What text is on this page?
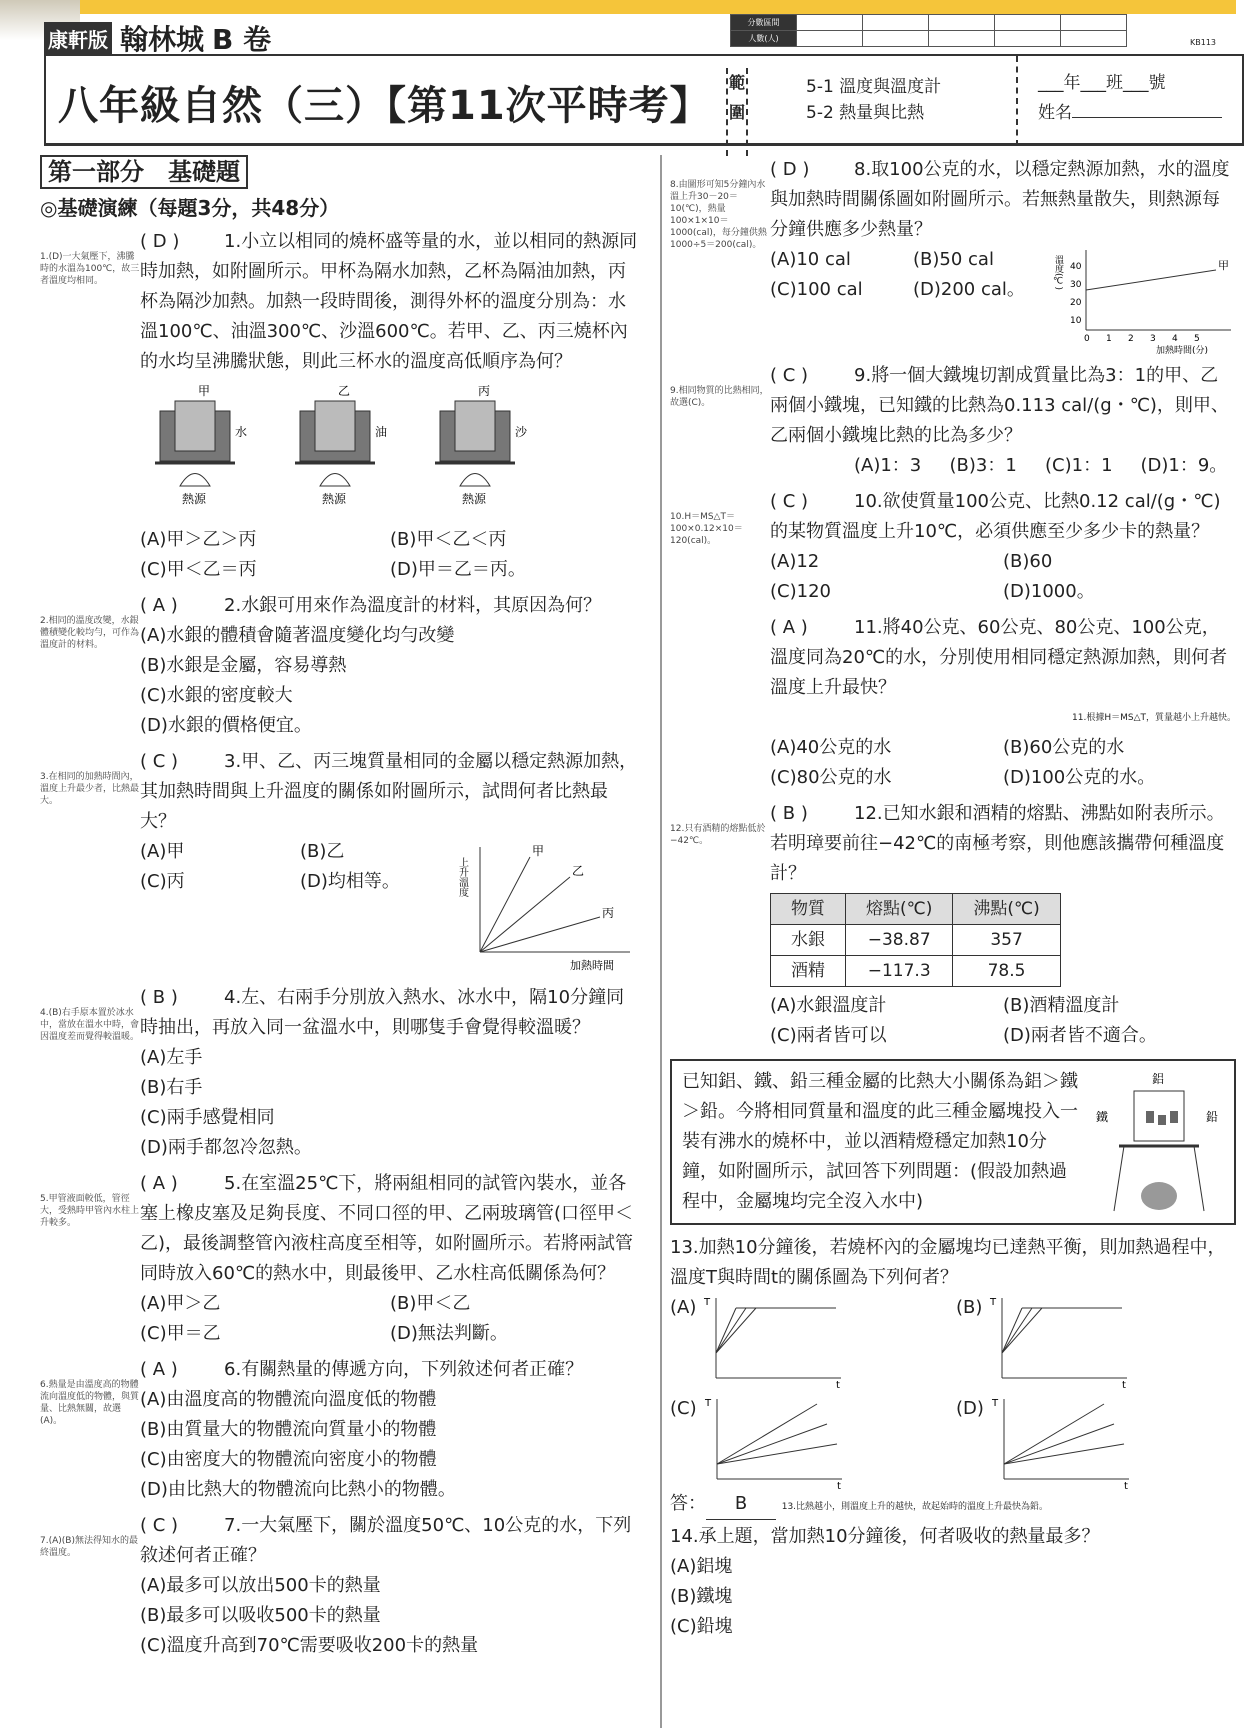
康軒版 翰林城 B 卷
分數區間					
人數(人)						KB113
八年級自然（三）【第11次平時考】
範圍
5-1 溫度與溫度計
5-2 熱量與比熱
___年___班___號
姓名
第一部分　基礎題
◎基礎演練（每題3分，共48分）
1.(D)一大氣壓下，沸騰時的水溫為100℃，故三者溫度均相同。
( D ) 1.小立以相同的燒杯盛等量的水，並以相同的熱源同時加熱，如附圖所示。甲杯為隔水加熱，乙杯為隔油加熱，丙杯為隔沙加熱。加熱一段時間後，測得外杯的溫度分別為：水溫100℃、油溫300℃、沙溫600℃。若甲、乙、丙三燒杯內的水均呈沸騰狀態，則此三杯水的溫度高低順序為何？
甲
水
熱源
乙
油
熱源
丙
沙
熱源
(A)甲＞乙＞丙	(B)甲＜乙＜丙
(C)甲＜乙＝丙	(D)甲＝乙＝丙。
2.相同的溫度改變，水銀體積變化較均勻，可作為溫度計的材料。
( A )	2.水銀可用來作為溫度計的材料，其原因為何？
(A)水銀的體積會隨著溫度變化均勻改變
(B)水銀是金屬，容易導熱
(C)水銀的密度較大
(D)水銀的價格便宜。
3.在相同的加熱時間內，溫度上升最少者，比熱最大。
( C )	3.甲、乙、丙三塊質量相同的金屬以穩定熱源加熱，其加熱時間與上升溫度的關係如附圖所示，試問何者比熱最大？
甲
乙
丙
上升溫度
加熱時間
(A)甲	(B)乙
(C)丙	(D)均相等。
4.(B)右手原本置於冰水中，當放在溫水中時，會因溫度差而覺得較溫暖。
( B )	4.左、右兩手分別放入熱水、冰水中，隔10分鐘同時抽出，再放入同一盆溫水中，則哪隻手會覺得較溫暖？
(A)左手
(B)右手
(C)兩手感覺相同
(D)兩手都忽冷忽熱。
5.甲管液面較低，管徑大，受熱時甲管內水柱上升較多。
( A )	5.在室溫25℃下，將兩組相同的試管內裝水，並各塞上橡皮塞及足夠長度、不同口徑的甲、乙兩玻璃管(口徑甲＜乙)，最後調整管內液柱高度至相等，如附圖所示。若將兩試管同時放入60℃的熱水中，則最後甲、乙水柱高低關係為何？
(A)甲＞乙	(B)甲＜乙
(C)甲＝乙	(D)無法判斷。
6.熱量是由溫度高的物體流向溫度低的物體，與質量、比熱無關，故選(A)。
( A )	6.有關熱量的傳遞方向，下列敘述何者正確？
(A)由溫度高的物體流向溫度低的物體
(B)由質量大的物體流向質量小的物體
(C)由密度大的物體流向密度小的物體
(D)由比熱大的物體流向比熱小的物體。
7.(A)(B)無法得知水的最終溫度。
( C )	7.一大氣壓下，關於溫度50℃、10公克的水，下列敘述何者正確？
(A)最多可以放出500卡的熱量
(B)最多可以吸收500卡的熱量
(C)溫度升高到70℃需要吸收200卡的熱量
8.由圖形可知5分鐘內水溫上升30－20＝10(℃)，熱量100×1×10＝1000(cal)，每分鐘供熱1000÷5＝200(cal)。
( D ) 8.取100公克的水，以穩定熱源加熱，水的溫度與加熱時間關係圖如附圖所示。若無熱量散失，則熱源每分鐘供應多少熱量？
10
20
30
40
0 1 2 3 4 5
甲
溫度(℃)
加熱時間(分)
(A)10 cal	(B)50 cal
(C)100 cal	(D)200 cal。
9.相同物質的比熱相同，故選(C)。
( C )	9.將一個大鐵塊切割成質量比為3：1的甲、乙兩個小鐵塊，已知鐵的比熱為0.113 cal/(g・℃)，則甲、乙兩個小鐵塊比熱的比為多少？
(A)1：3	(B)3：1	(C)1：1	(D)1：9。
10.H＝MS△T＝100×0.12×10＝120(cal)。
( C )	10.欲使質量100公克、比熱0.12 cal/(g・℃)的某物質溫度上升10℃，必須供應至少多少卡的熱量？
(A)12	(B)60
(C)120	(D)1000。
( A )	11.將40公克、60公克、80公克、100公克，溫度同為20℃的水，分別使用相同穩定熱源加熱，則何者溫度上升最快？
11.根據H＝MS△T，質量越小上升越快。
(A)40公克的水	(B)60公克的水
(C)80公克的水	(D)100公克的水。
12.只有酒精的熔點低於−42℃。
( B )	12.已知水銀和酒精的熔點、沸點如附表所示。若明璋要前往−42℃的南極考察，則他應該攜帶何種溫度計？
物質	熔點(℃)	沸點(℃)
水銀	−38.87	357
酒精	−117.3	78.5
(A)水銀溫度計	(B)酒精溫度計
(C)兩者皆可以	(D)兩者皆不適合。
已知鋁、鐵、鉛三種金屬的比熱大小關係為鋁＞鐵＞鉛。今將相同質量和溫度的此三種金屬塊投入一裝有沸水的燒杯中，並以酒精燈穩定加熱10分鐘，如附圖所示，試回答下列問題：(假設加熱過程中，金屬塊均完全沒入水中)
鋁
鐵	鉛
13.加熱10分鐘後，若燒杯內的金屬塊均已達熱平衡，則加熱過程中，溫度T與時間t的關係圖為下列何者？
(A) T
t
(B) T
t
(C) T
t
(D) T
t
答： B	13.比熱越小，則溫度上升的越快，故起始時的溫度上升最快為鉛。
14.承上題，當加熱10分鐘後，何者吸收的熱量最多？
(A)鋁塊
(B)鐵塊
(C)鉛塊
